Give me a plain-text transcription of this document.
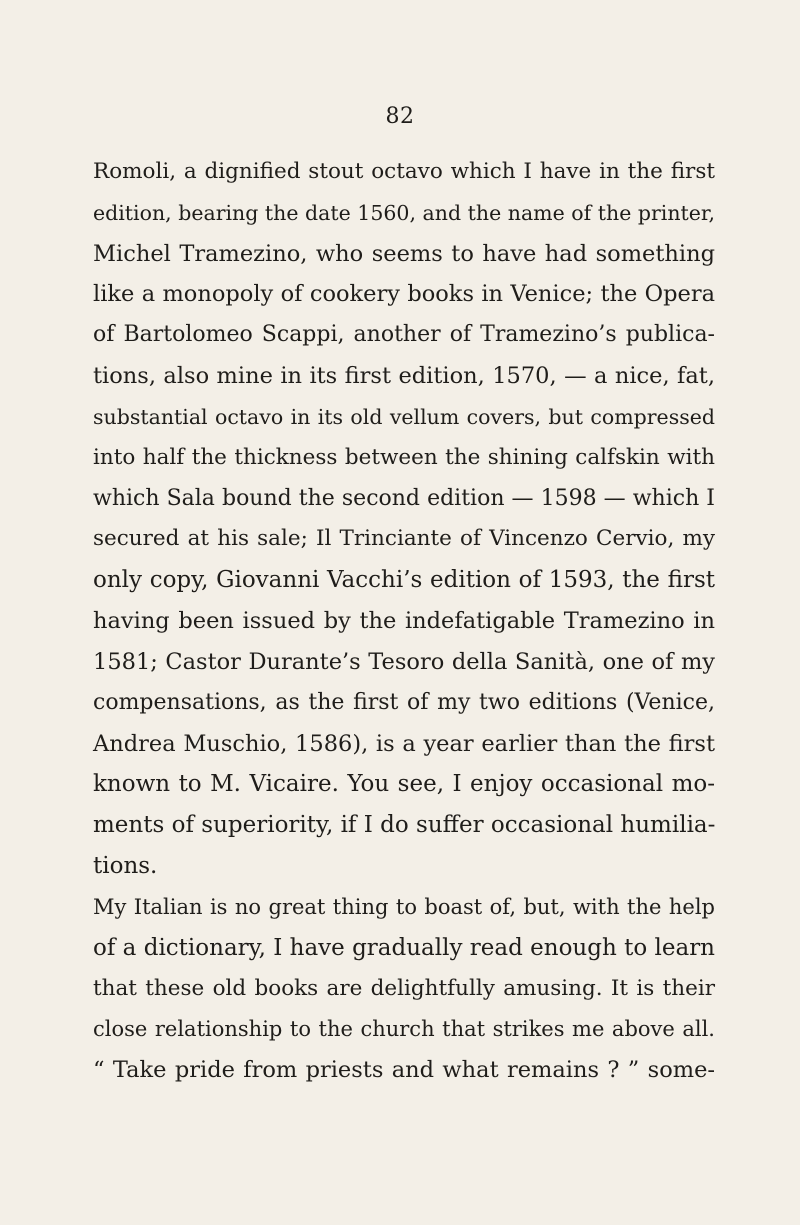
82
Romoli, a dignified stout octavo which I have in the first
edition, bearing the date 1560, and the name of the printer,
Michel Tramezino, who seems to have had something
like a monopoly of cookery books in Venice; the Opera
of Bartolomeo Scappi, another of Tramezino’s publica-
tions, also mine in its first edition, 1570, — a nice, fat,
substantial octavo in its old vellum covers, but compressed
into half the thickness between the shining calfskin with
which Sala bound the second edition — 1598 — which I
secured at his sale; Il Trinciante of Vincenzo Cervio, my
only copy, Giovanni Vacchi’s edition of 1593, the first
having been issued by the indefatigable Tramezino in
1581; Castor Durante’s Tesoro della Sanità, one of my
compensations, as the first of my two editions (Venice,
Andrea Muschio, 1586), is a year earlier than the first
known to M. Vicaire. You see, I enjoy occasional mo-
ments of superiority, if I do suffer occasional humilia-
tions.
My Italian is no great thing to boast of, but, with the help
of a dictionary, I have gradually read enough to learn
that these old books are delightfully amusing. It is their
close relationship to the church that strikes me above all.
“ Take pride from priests and what remains ? ” some-
